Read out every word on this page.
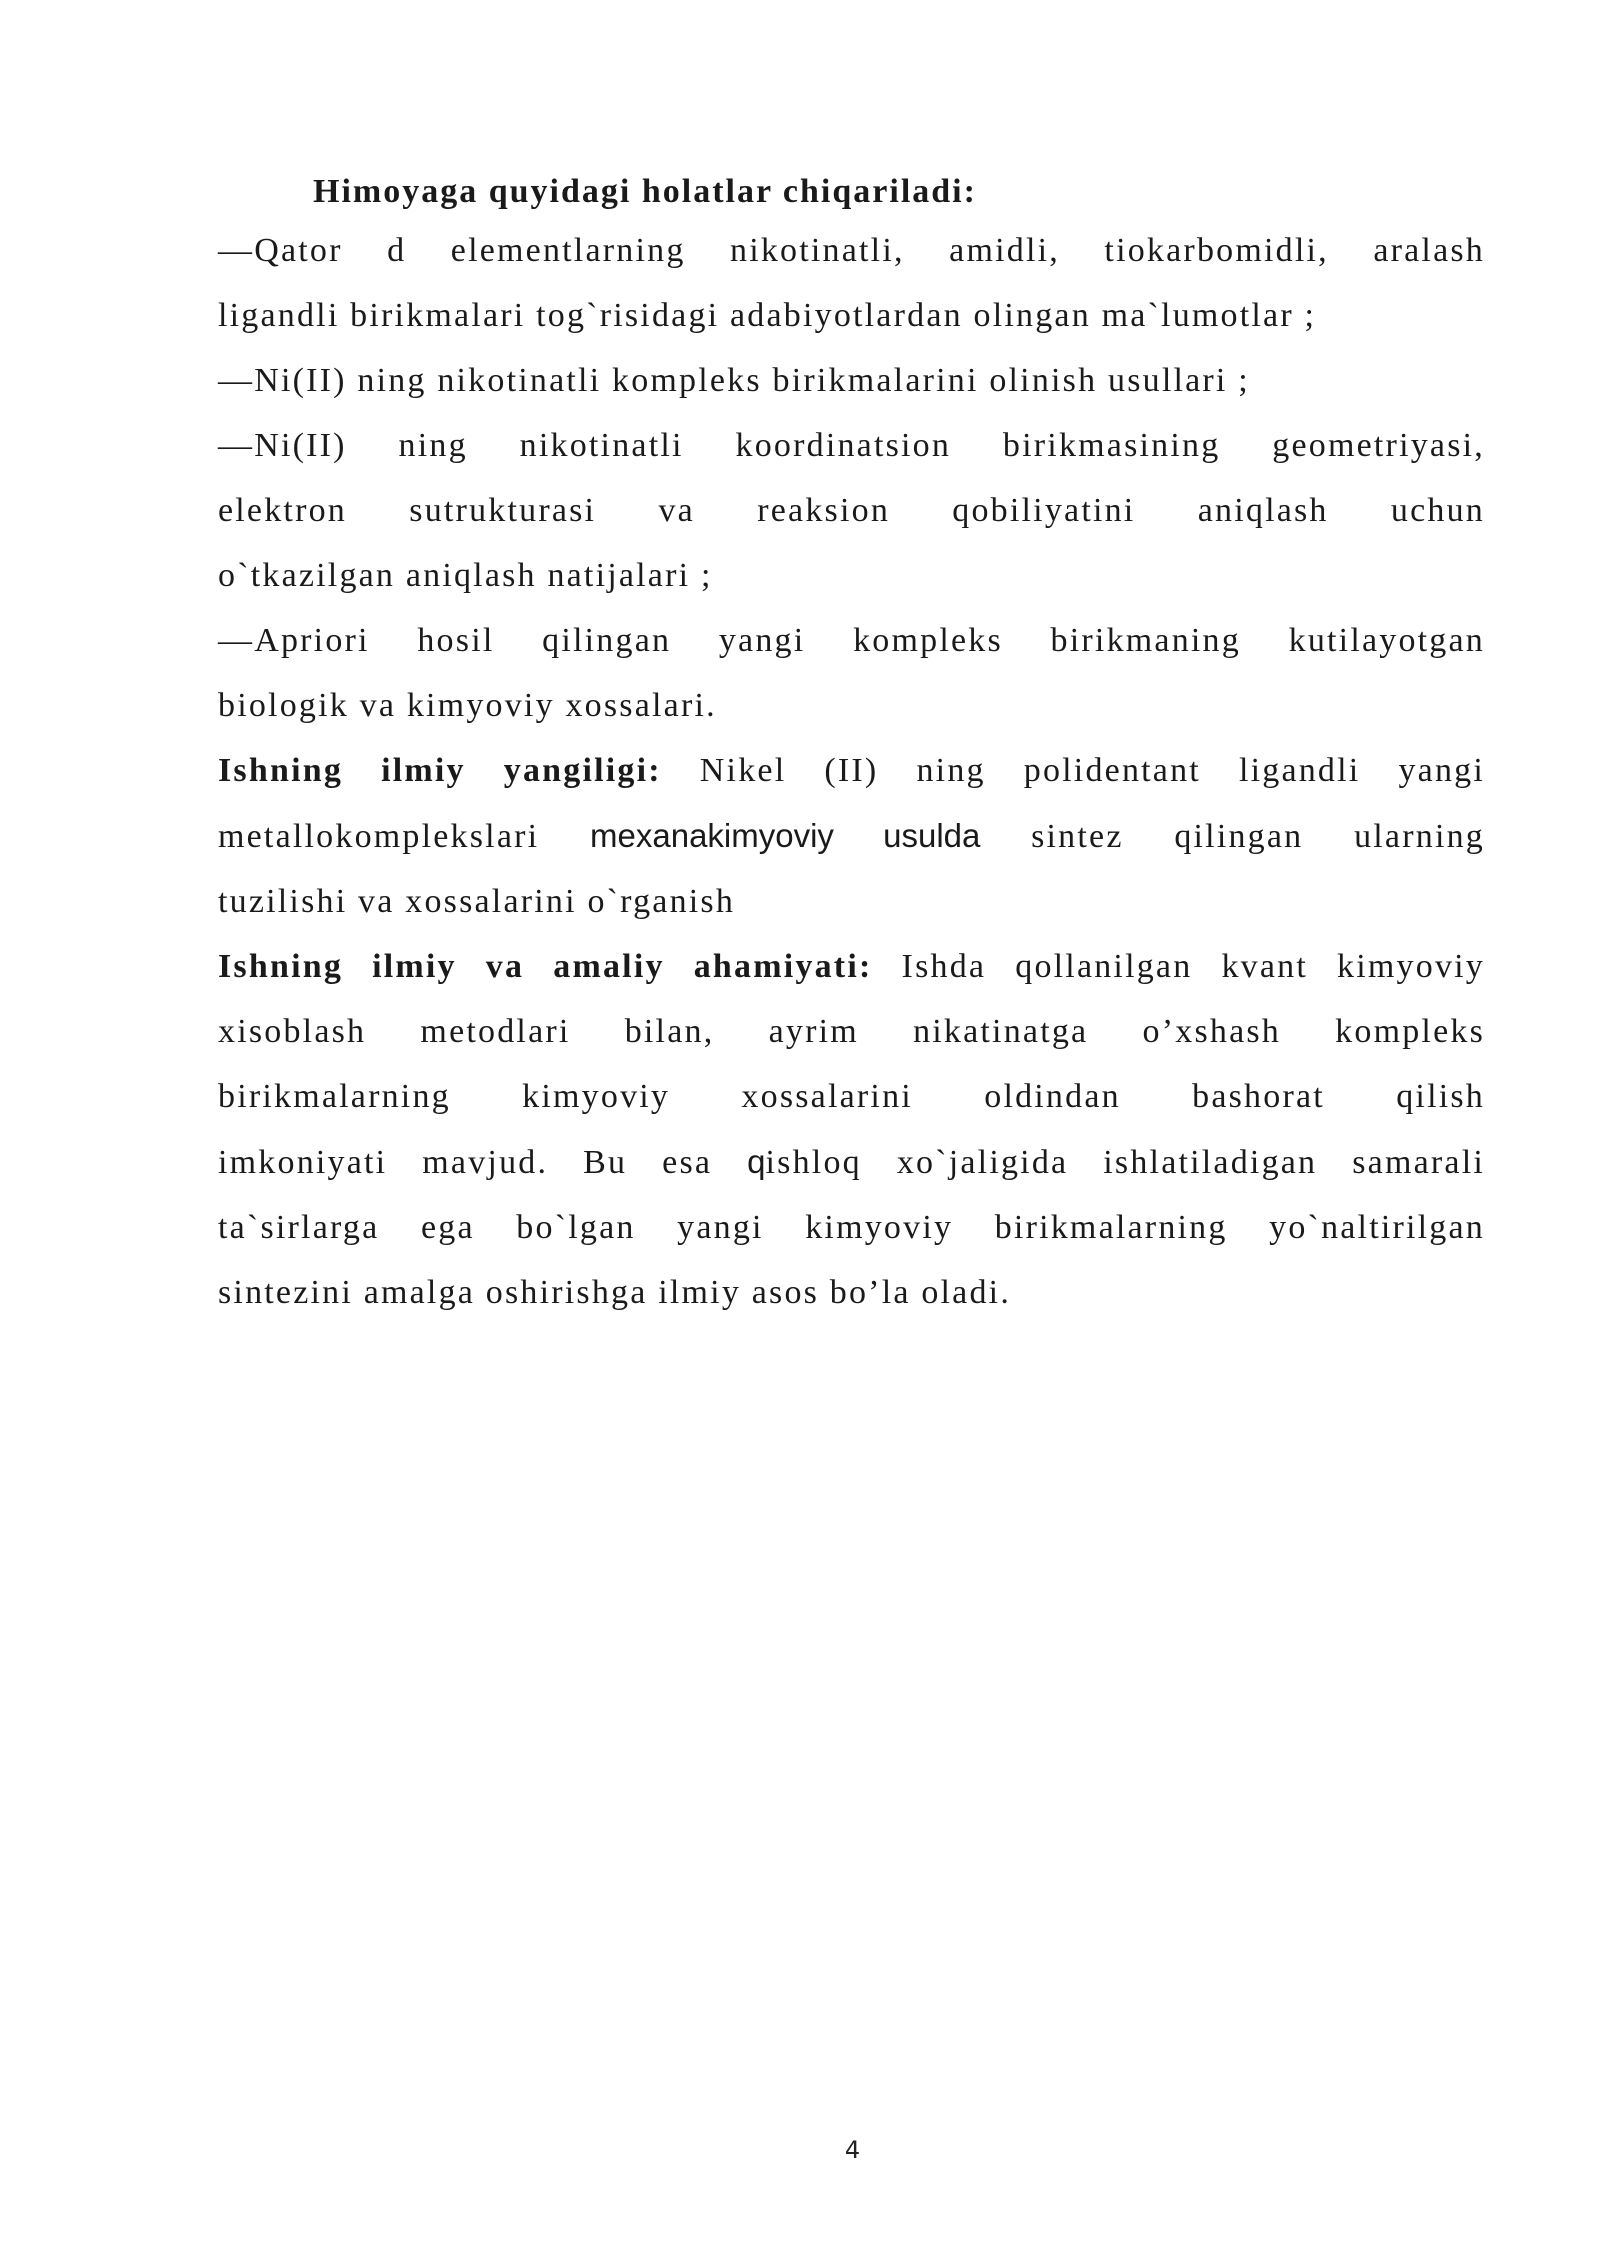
Himoyaga quyidagi holatlar chiqariladi:
—Qator d elementlarning nikotinatli, amidli, tiokarbomidli, aralash
ligandli birikmalari tog`risidagi adabiyotlardan olingan ma`lumotlar ;
—Ni(II) ning nikotinatli kompleks birikmalarini olinish usullari ;
—Ni(II) ning nikotinatli koordinatsion birikmasining geometriyasi,
elektron sutrukturasi va reaksion qobiliyatini aniqlash uchun
o`tkazilgan aniqlash natijalari ;
—Apriori hosil qilingan yangi kompleks birikmaning kutilayotgan
biologik va kimyoviy xossalari.
Ishning ilmiy yangiligi: Nikel (II) ning polidentant ligandli yangi
metallokomplekslari mexanakimyoviy usulda sintez qilingan ularning
tuzilishi va xossalarini o`rganish
Ishning ilmiy va amaliy ahamiyati: Ishda qollanilgan kvant kimyoviy
xisoblash metodlari bilan, ayrim nikatinatga o’xshash kompleks
birikmalarning kimyoviy xossalarini oldindan bashorat qilish
imkoniyati mavjud. Bu esa qishloq xo`jaligida ishlatiladigan samarali
ta`sirlarga ega bo`lgan yangi kimyoviy birikmalarning yo`naltirilgan
sintezini amalga oshirishga ilmiy asos bo’la oladi.
4
